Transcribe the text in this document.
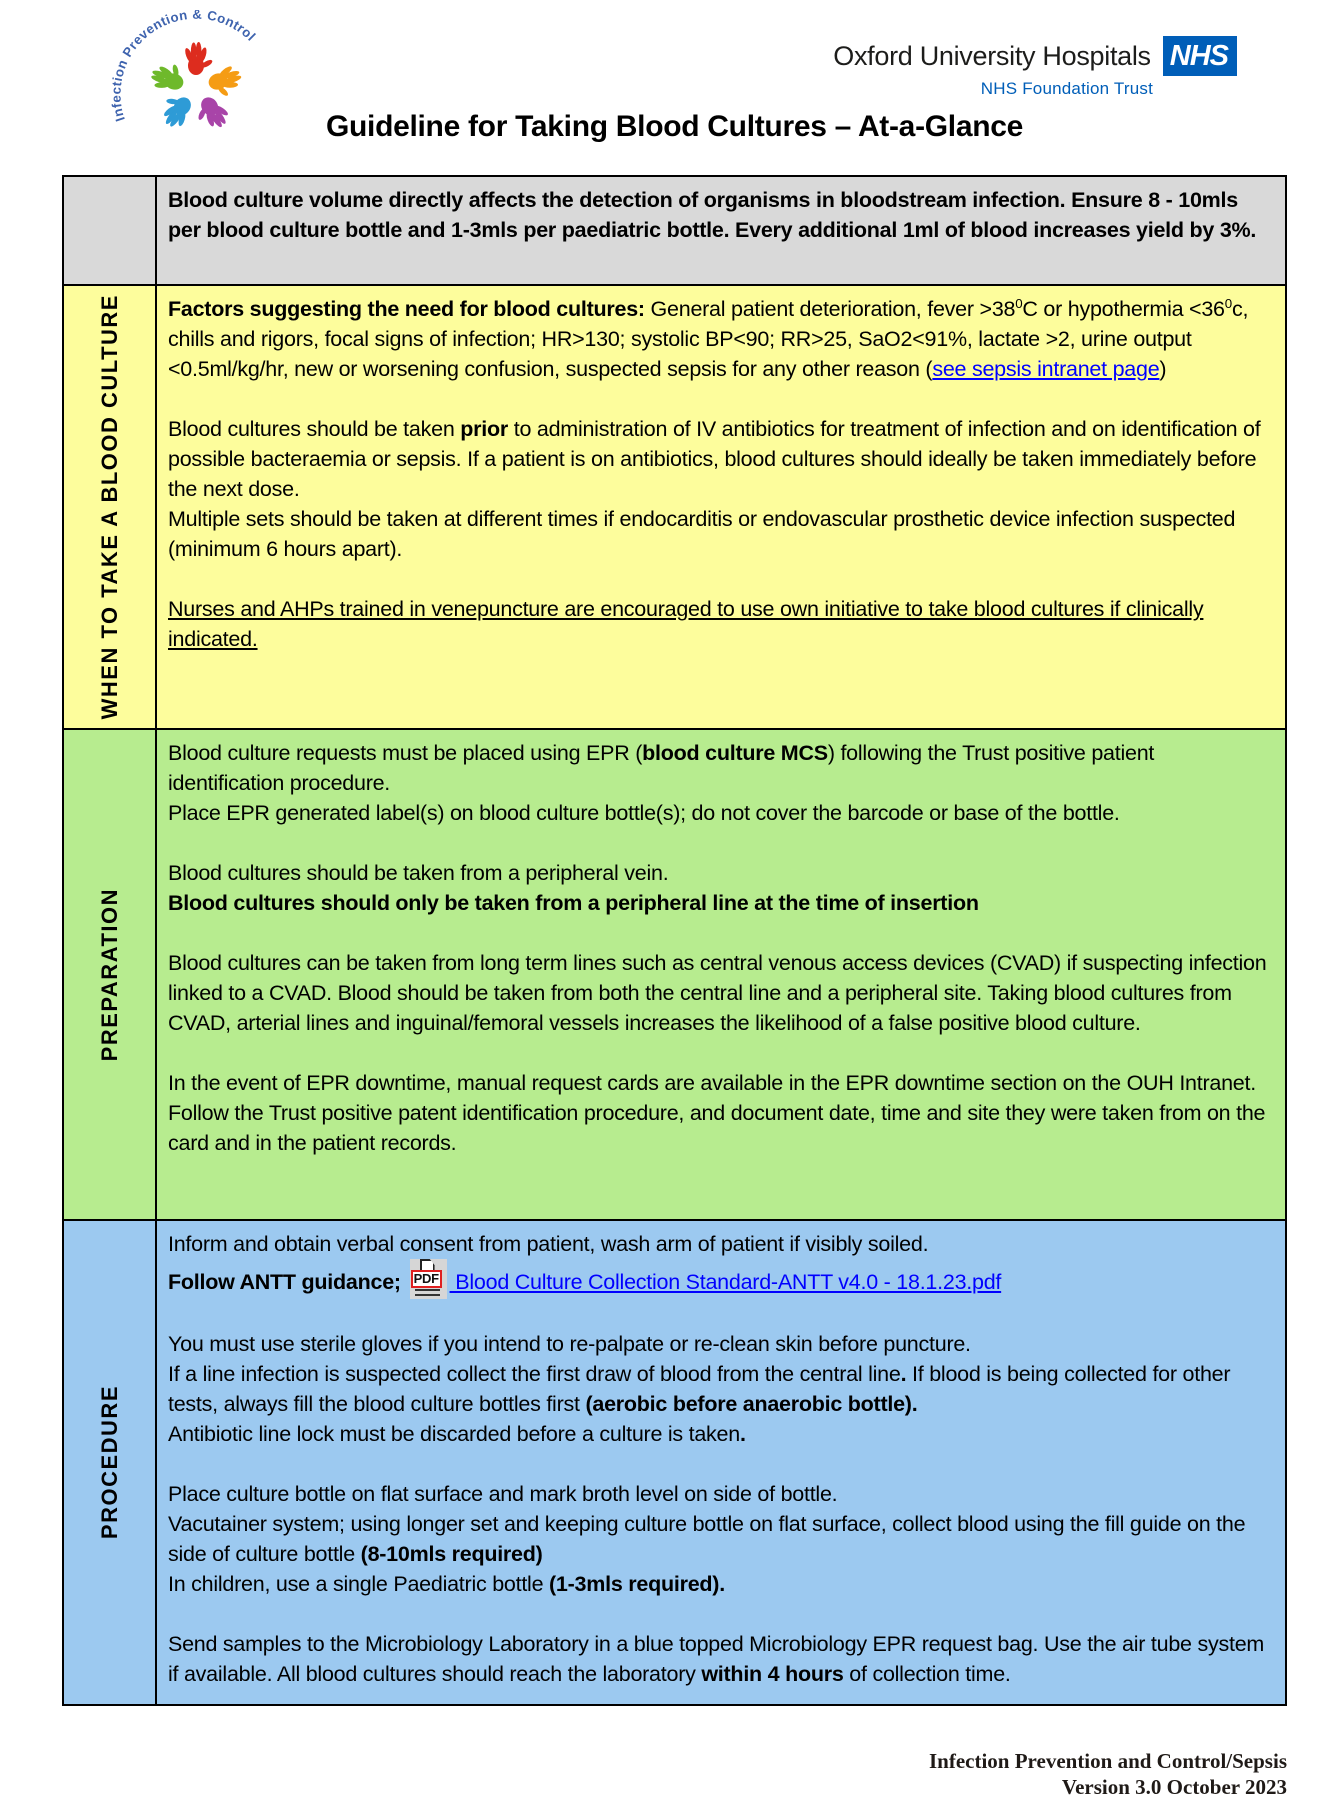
Infection Prevention & Control
Oxford University Hospitals NHS
NHS Foundation Trust
Guideline for Taking Blood Cultures – At-a-Glance

Blood culture volume directly affects the detection of organisms in bloodstream infection. Ensure 8 - 10mls per blood culture bottle and 1-3mls per paediatric bottle. Every additional 1ml of blood increases yield by 3%.

WHEN TO TAKE A BLOOD CULTURE Factors suggesting the need for blood cultures: General patient deterioration, fever $>38^0C$ or hypothermia $<36^0c$, chills and rigors, focal signs of infection; HR>130; systolic BP<90; RR>25, SaO2<91%, lactate >2, urine output <0.5ml/kg/hr, new or worsening confusion, suspected sepsis for any other reason (see sepsis intranet page)

Blood cultures should be taken prior to administration of IV antibiotics for treatment of infection and on identification of possible bacteraemia or sepsis. If a patient is on antibiotics, blood cultures should ideally be taken immediately before the next dose.

Multiple sets should be taken at different times if endocarditis or endovascular prosthetic device infection suspected (minimum 6 hours apart).

Nurses and AHPs trained in venepuncture are encouraged to use own initiative to take blood cultures if clinically indicated.

PREPARATION

Blood culture requests must be placed using EPR (blood culture MCS) following the Trust positive patient identification procedure.

Place EPR generated label(s) on blood culture bottle(s); do not cover the barcode or base of the bottle.

Blood cultures should be taken from a peripheral vein.

Blood cultures should only be taken from a peripheral line at the time of insertion

Blood cultures can be taken from long term lines such as central venous access devices (CVAD) if suspecting infection linked to a CVAD. Blood should be taken from both the central line and a peripheral site. Taking blood cultures from CVAD, arterial lines and inguinal/femoral vessels increases the likelihood of a false positive blood culture.

In the event of EPR downtime, manual request cards are available in the EPR downtime section on the OUH Intranet. Follow the Trust positive patent identification procedure, and document date, time and site they were taken from on the card and in the patient records.

PROCEDURE

Inform and obtain verbal consent from patient, wash arm of patient if visibly soiled.

Follow ANTT guidance; PDF Blood Culture Collection Standard-ANTT v4.0 - 18.1.23.pdf

You must use sterile gloves if you intend to re-palpate or re-clean skin before puncture.

If a line infection is suspected collect the first draw of blood from the central line. If blood is being collected for other tests, always fill the blood culture bottles first (aerobic before anaerobic bottle).

Antibiotic line lock must be discarded before a culture is taken.

Place culture bottle on flat surface and mark broth level on side of bottle.

Vacutainer system; using longer set and keeping culture bottle on flat surface, collect blood using the fill guide on the side of culture bottle (8-10mls required)

In children, use a single Paediatric bottle (1-3mls required).

Send samples to the Microbiology Laboratory in a blue topped Microbiology EPR request bag. Use the air tube system if available. All blood cultures should reach the laboratory within 4 hours of collection time.

Infection Prevention and Control/Sepsis
Version 3.0 October 2023
